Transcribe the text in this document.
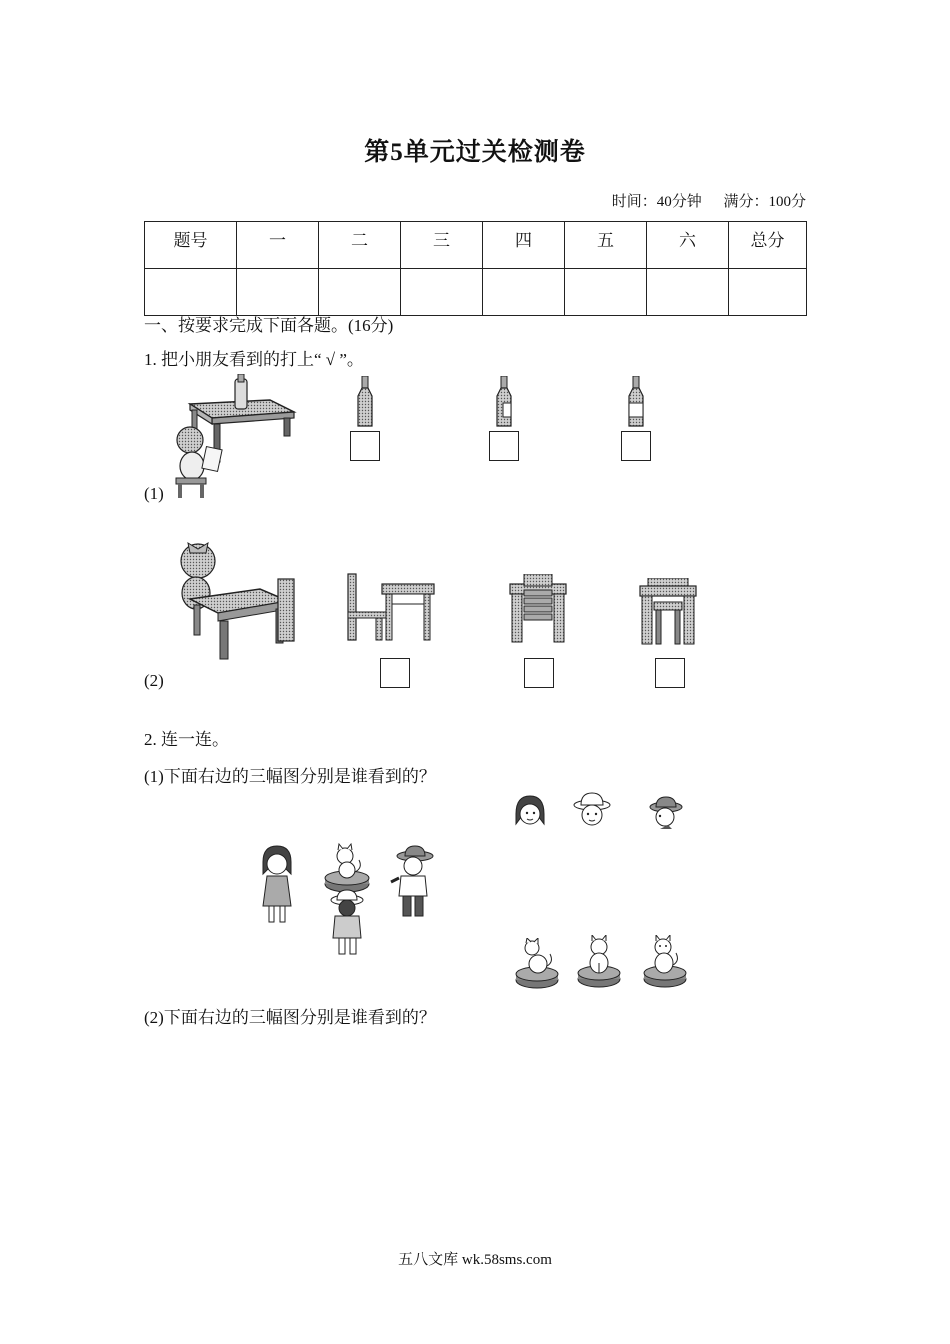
第5单元过关检测卷
时间：40分钟 满分：100分
题号	一	二	三	四	五	六	总分

一、按要求完成下面各题。(16分)
1. 把小朋友看到的打上“ √ ”。
(1)
(2)
2. 连一连。
(1)下面右边的三幅图分别是谁看到的？
(2)下面右边的三幅图分别是谁看到的？
五八文库 wk.58sms.com
